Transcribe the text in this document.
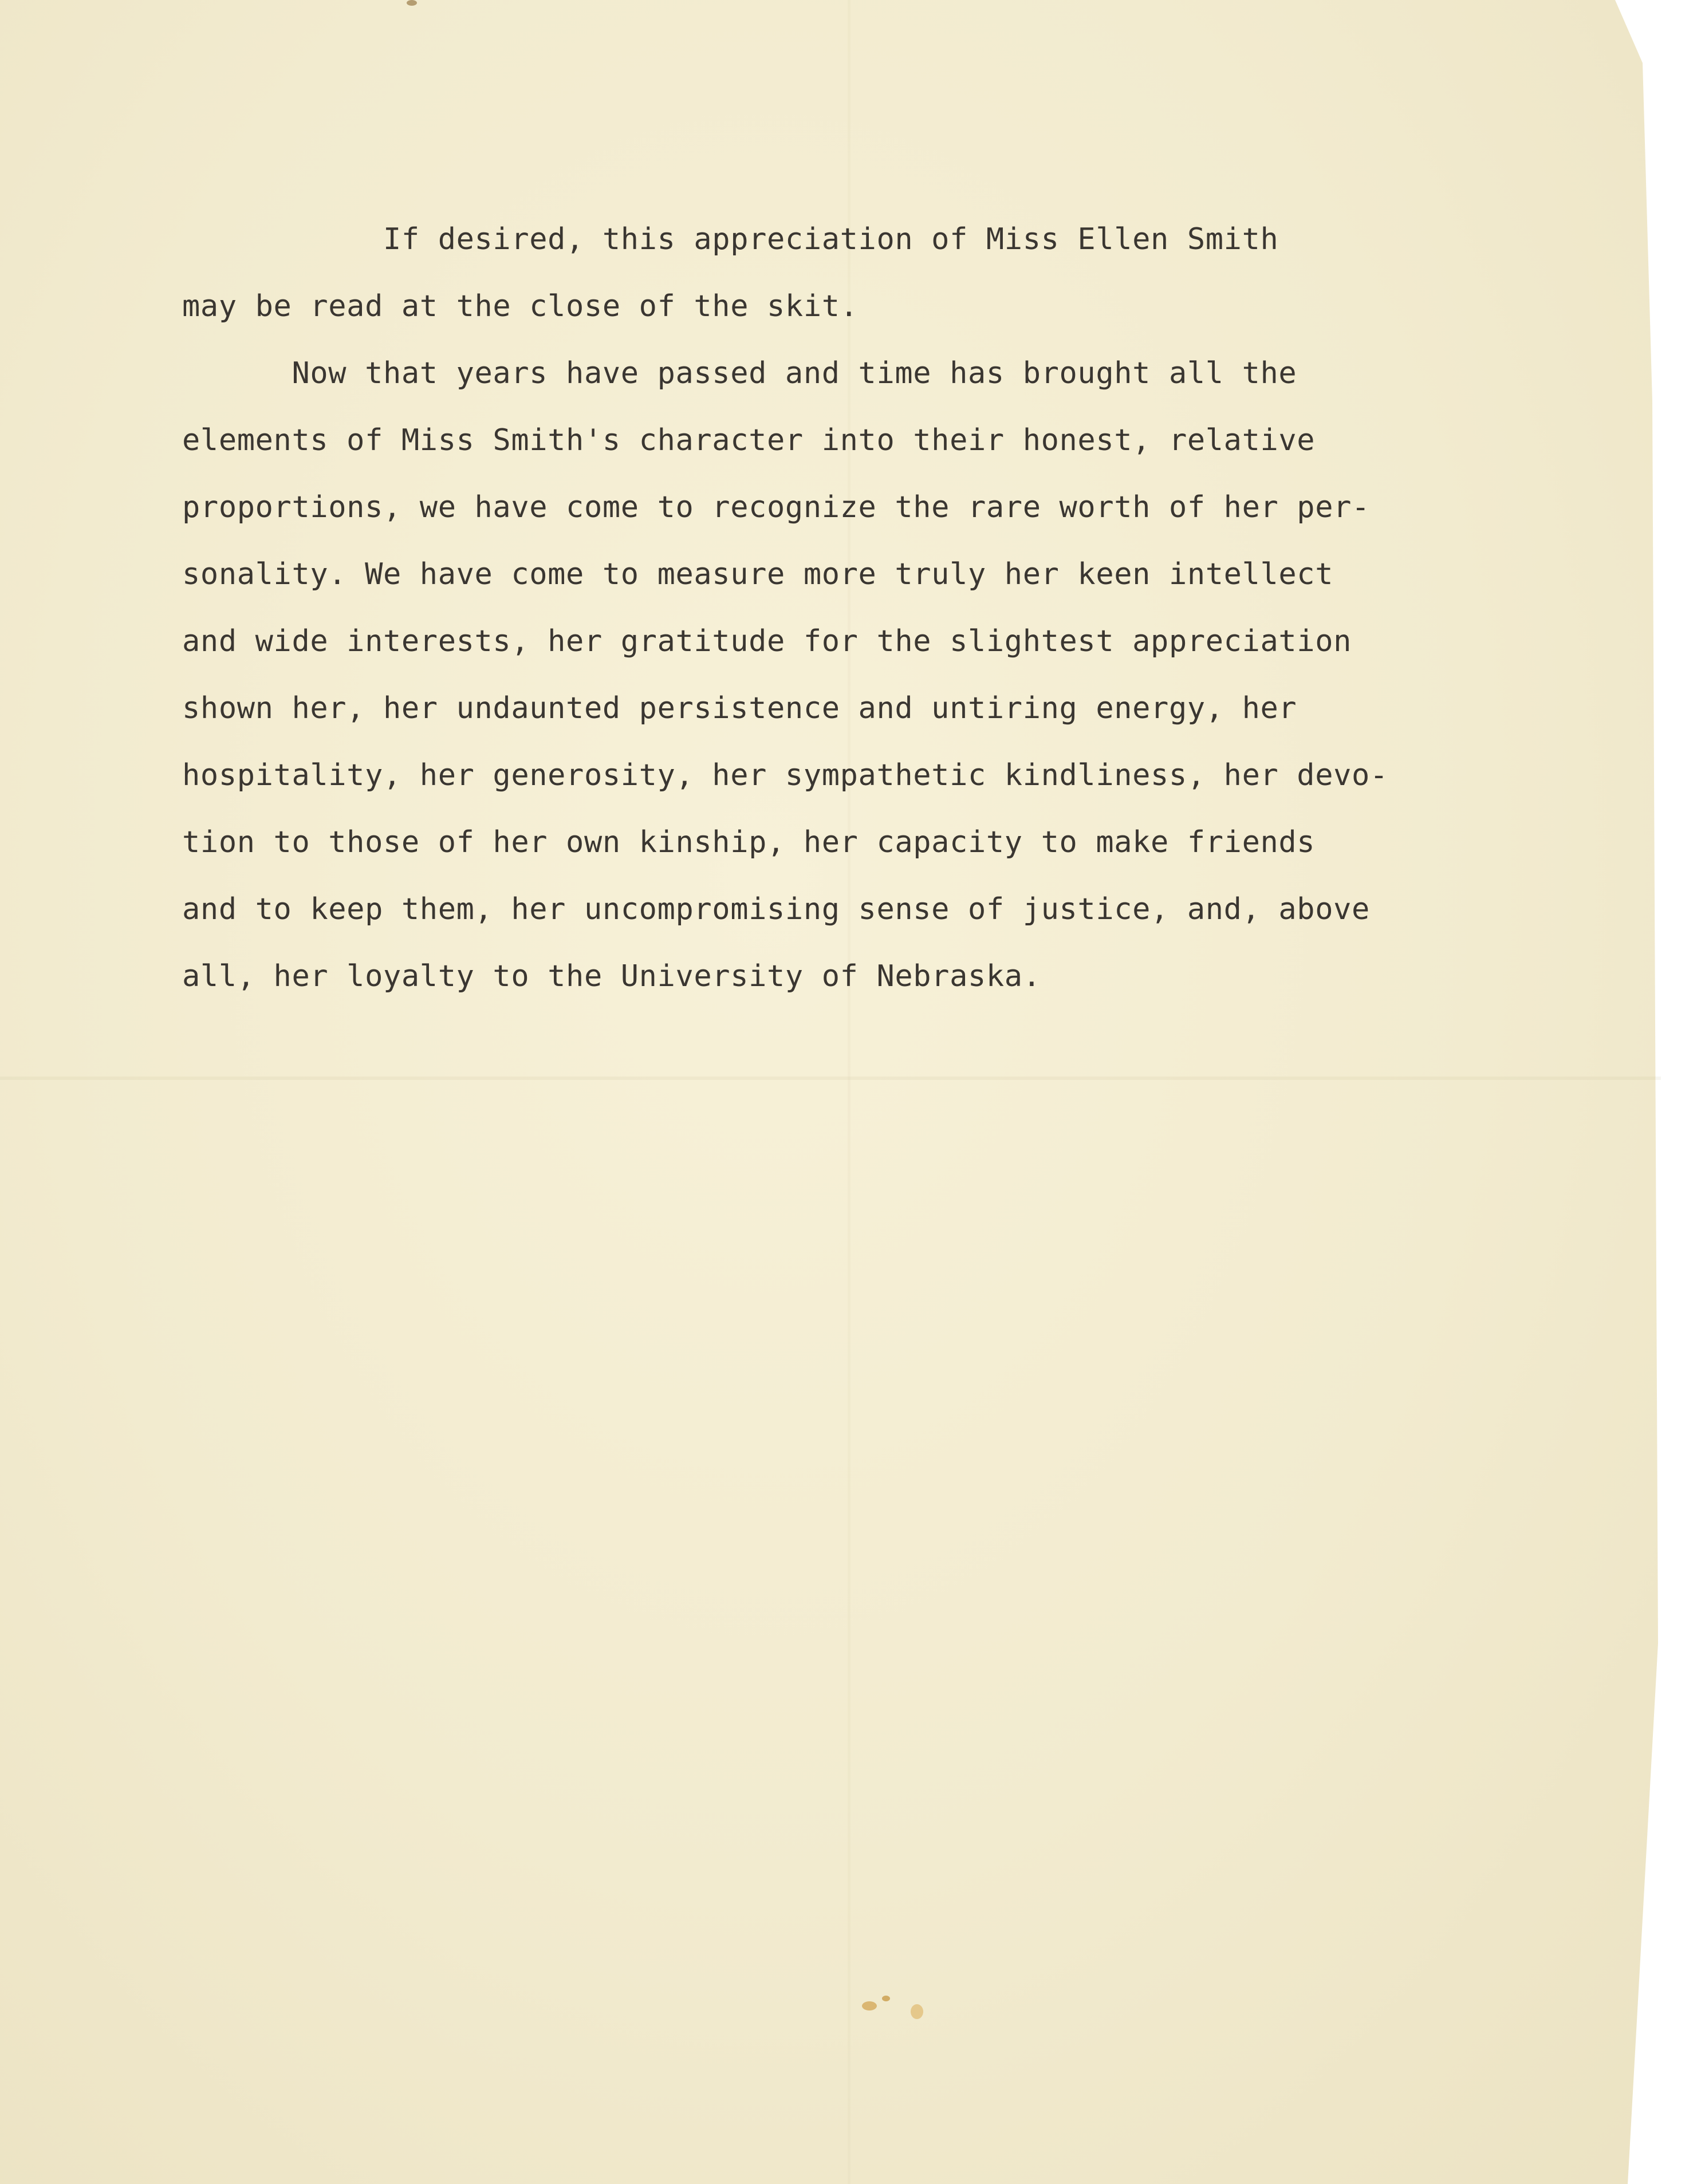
If desired, this appreciation of Miss Ellen Smith
may be read at the close of the skit.
Now that years have passed and time has brought all the
elements of Miss Smith's character into their honest, relative
proportions, we have come to recognize the rare worth of her per-
sonality. We have come to measure more truly her keen intellect
and wide interests, her gratitude for the slightest appreciation
shown her, her undaunted persistence and untiring energy, her
hospitality, her generosity, her sympathetic kindliness, her devo-
tion to those of her own kinship, her capacity to make friends
and to keep them, her uncompromising sense of justice, and, above
all, her loyalty to the University of Nebraska.
